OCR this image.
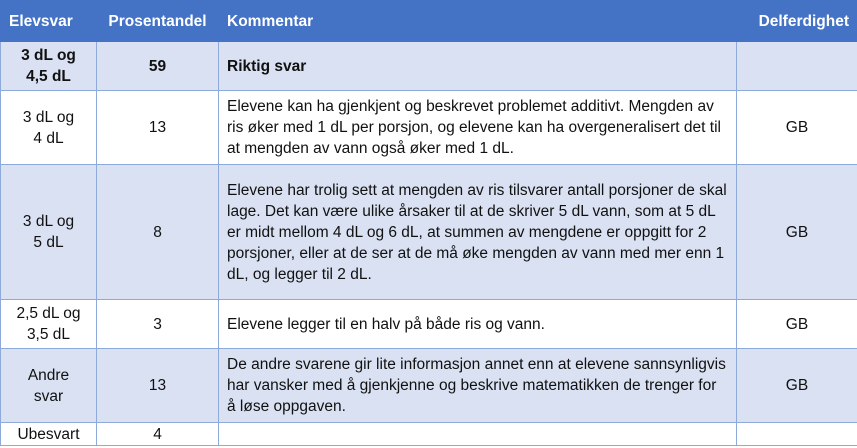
Elevsvar	Prosentandel	Kommentar	Delferdighet

3 dL og
4,5 dL	59	Riktig svar	

3 dL og
4 dL	13	Elevene kan ha gjenkjent og beskrevet problemet additivt. Mengden av ris øker med 1 dL per porsjon, og elevene kan ha overgeneralisert det til at mengden av vann også øker med 1 dL.	GB

3 dL og
5 dL	8	Elevene har trolig sett at mengden av ris tilsvarer antall porsjoner de skal lage. Det kan være ulike årsaker til at de skriver 5 dL vann, som at 5 dL er midt mellom 4 dL og 6 dL, at summen av mengdene er oppgitt for 2 porsjoner, eller at de ser at de må øke mengden av vann med mer enn 1 dL, og legger til 2 dL.	GB

2,5 dL og
3,5 dL	3	Elevene legger til en halv på både ris og vann.	GB

Andre
svar	13	De andre svarene gir lite informasjon annet enn at elevene sannsynligvis har vansker med å gjenkjenne og beskrive matematikken de trenger for å løse oppgaven.	GB

Ubesvart	4		
